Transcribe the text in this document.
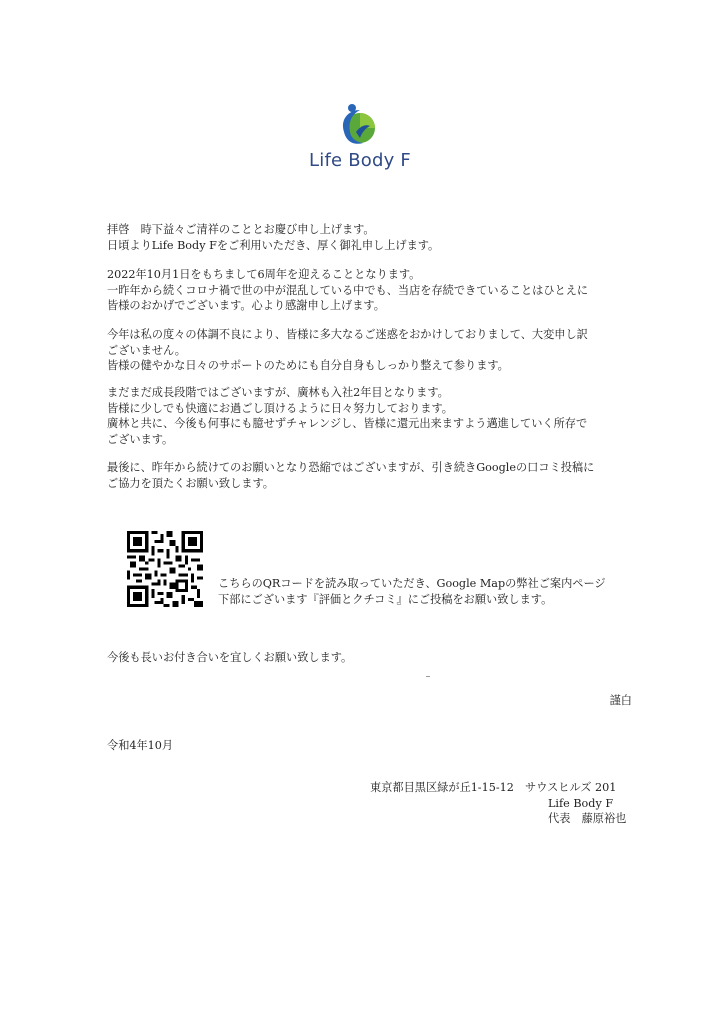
Life Body F
拝啓　時下益々ご清祥のこととお慶び申し上げます。
日頃よりLife Body Fをご利用いただき、厚く御礼申し上げます。
2022年10月1日をもちまして6周年を迎えることとなります。
一昨年から続くコロナ禍で世の中が混乱している中でも、当店を存続できていることはひとえに
皆様のおかげでございます。心より感謝申し上げます。
今年は私の度々の体調不良により、皆様に多大なるご迷惑をおかけしておりまして、大変申し訳
ございません。
皆様の健やかな日々のサポートのためにも自分自身もしっかり整えて参ります。
まだまだ成長段階ではございますが、廣林も入社2年目となります。
皆様に少しでも快適にお過ごし頂けるように日々努力しております。
廣林と共に、今後も何事にも臆せずチャレンジし、皆様に還元出来ますよう邁進していく所存で
ございます。
最後に、昨年から続けてのお願いとなり恐縮ではございますが、引き続きGoogleの口コミ投稿に
ご協力を頂たくお願い致します。
こちらのQRコードを読み取っていただき、Google Mapの弊社ご案内ページ
下部にございます『評価とクチコミ』にご投稿をお願い致します。
今後も長いお付き合いを宜しくお願い致します。
謹白
令和4年10月
東京都目黒区緑が丘1-15-12　サウスヒルズ 201
Life Body F
代表　藤原裕也
